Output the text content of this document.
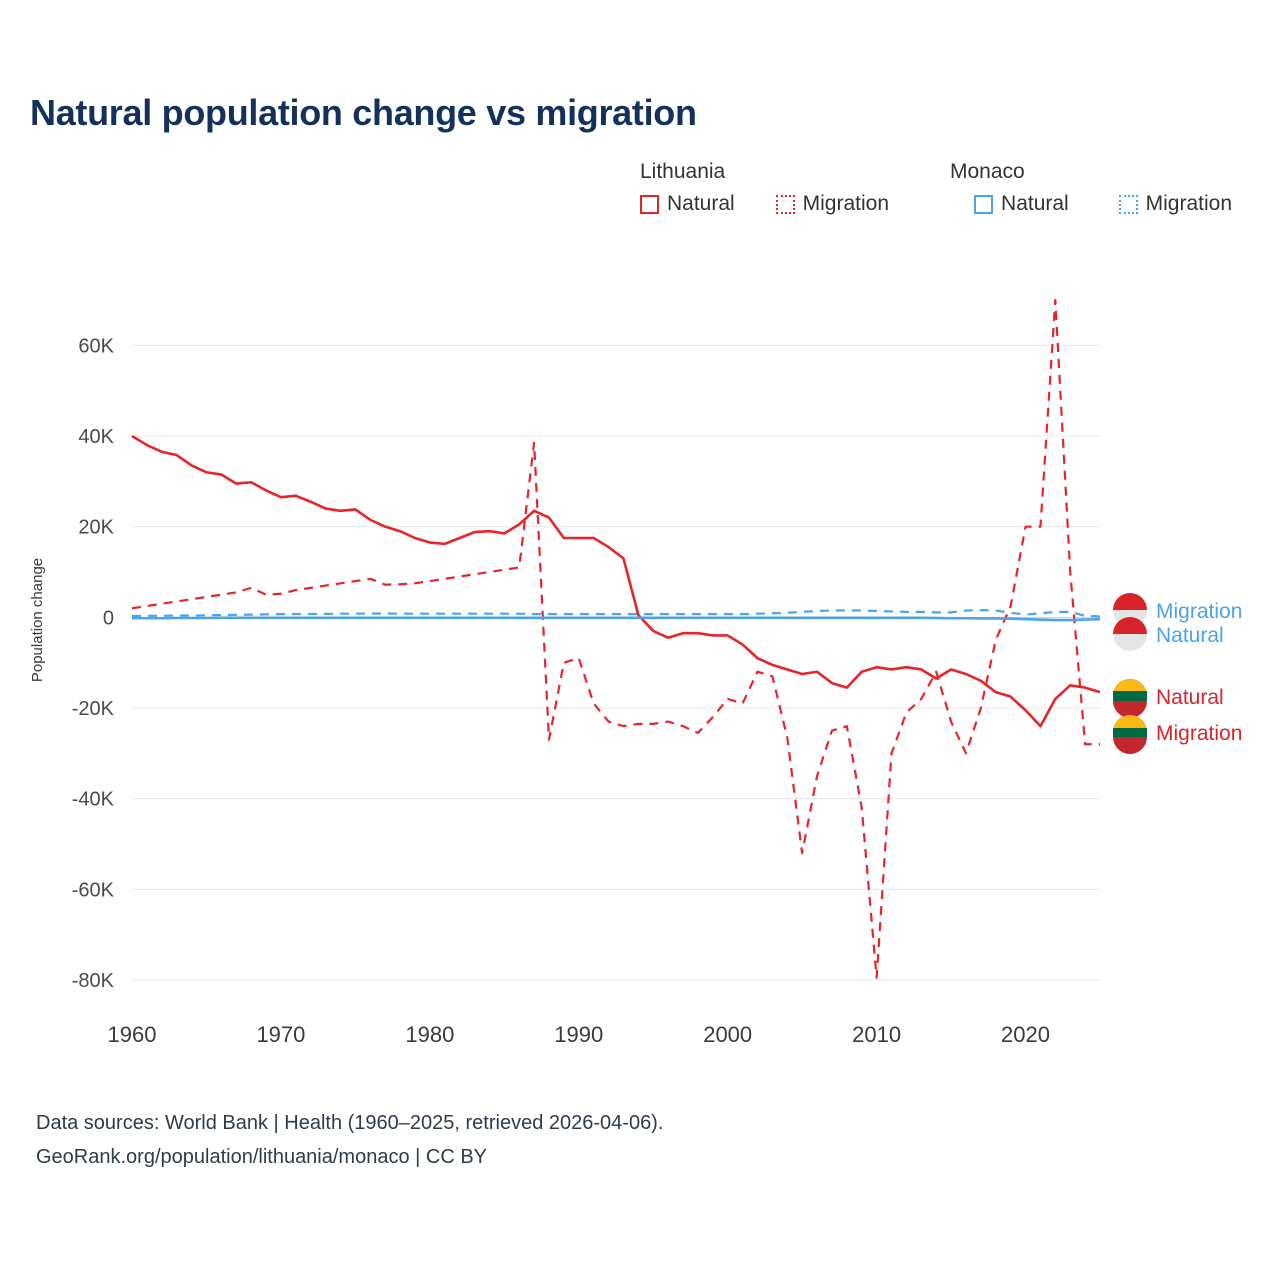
Natural population change vs migration
Lithuania	Monaco
Natural	Migration	Natural	Migration
60K
40K
20K
0
-20K
-40K
-60K
-80K
1960	1970	1980	1990	2000	2010	2020
Population change	Migration
Natural
Natural
Migration
Data sources: World Bank | Health (1960–2025, retrieved 2026-04-06).
GeoRank.org/population/lithuania/monaco | CC BY
